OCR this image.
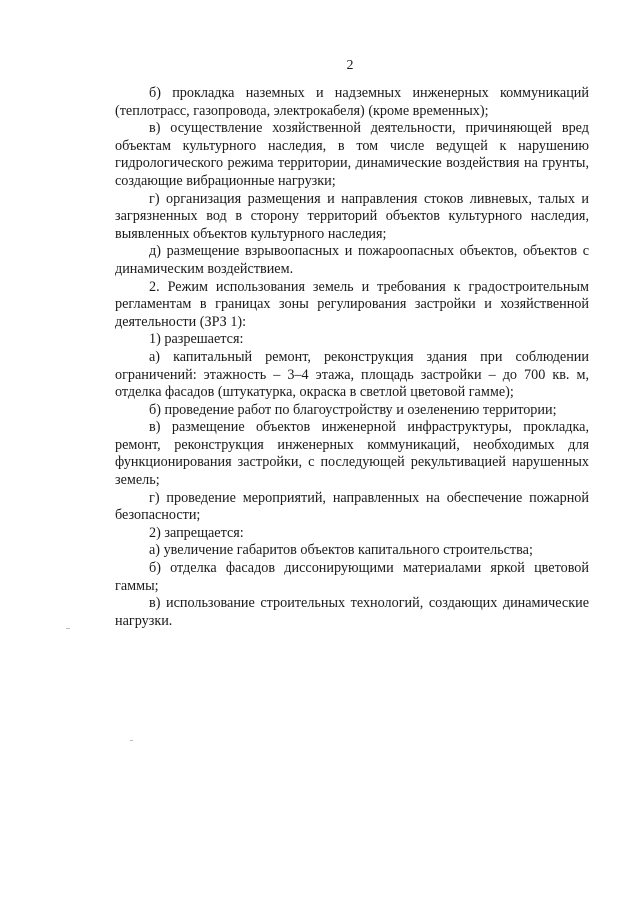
2

б) прокладка наземных и надземных инженерных коммуникаций (теплотрасс, газопровода, электрокабеля) (кроме временных);

в) осуществление хозяйственной деятельности, причиняющей вред объектам культурного наследия, в том числе ведущей к нарушению гидрологического режима территории, динамические воздействия на грунты, создающие вибрационные нагрузки;

г) организация размещения и направления стоков ливневых, талых и загрязненных вод в сторону территорий объектов культурного наследия, выявленных объектов культурного наследия;

д) размещение взрывоопасных и пожароопасных объектов, объектов с динамическим воздействием.

2. Режим использования земель и требования к градостроительным регламентам в границах зоны регулирования застройки и хозяйственной деятельности (ЗРЗ 1):

1) разрешается:

а) капитальный ремонт, реконструкция здания при соблюдении ограничений: этажность – 3–4 этажа, площадь застройки – до 700 кв. м, отделка фасадов (штукатурка, окраска в светлой цветовой гамме);

б) проведение работ по благоустройству и озеленению территории;

в) размещение объектов инженерной инфраструктуры, прокладка, ремонт, реконструкция инженерных коммуникаций, необходимых для функционирования застройки, с последующей рекультивацией нарушенных земель;

г) проведение мероприятий, направленных на обеспечение пожарной безопасности;

2) запрещается:

а) увеличение габаритов объектов капитального строительства;

б) отделка фасадов диссонирующими материалами яркой цветовой гаммы;

в) использование строительных технологий, создающих динамические нагрузки.
